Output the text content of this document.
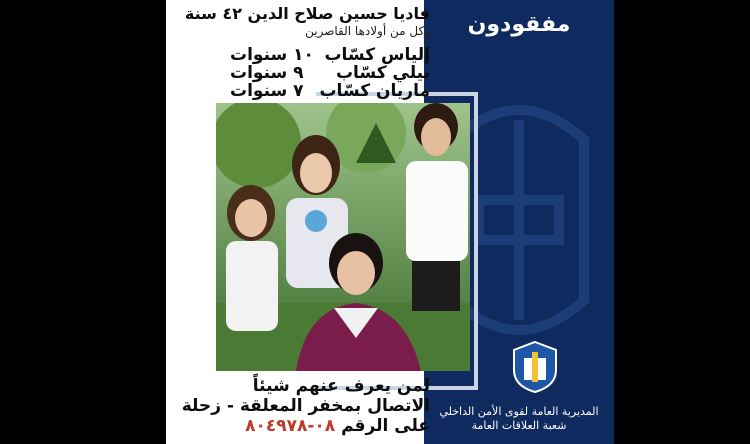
مفقودون
فاديا حسين صلاح الدين ٤٢ سنة
وكل من أولادها القاصرين
إلياس كسّاب
١٠ سنوات
نيلي كسّاب
٩ سنوات
ماريان كسّاب
٧ سنوات
لمن يعرف عنهم شيئاً
الاتصال بمخفر المعلقة - زحلة
على الرقم ٠٨-٨٠٤٩٧٨
المديرية العامة لقوى الأمن الداخلي
شعبة العلاقات العامة
